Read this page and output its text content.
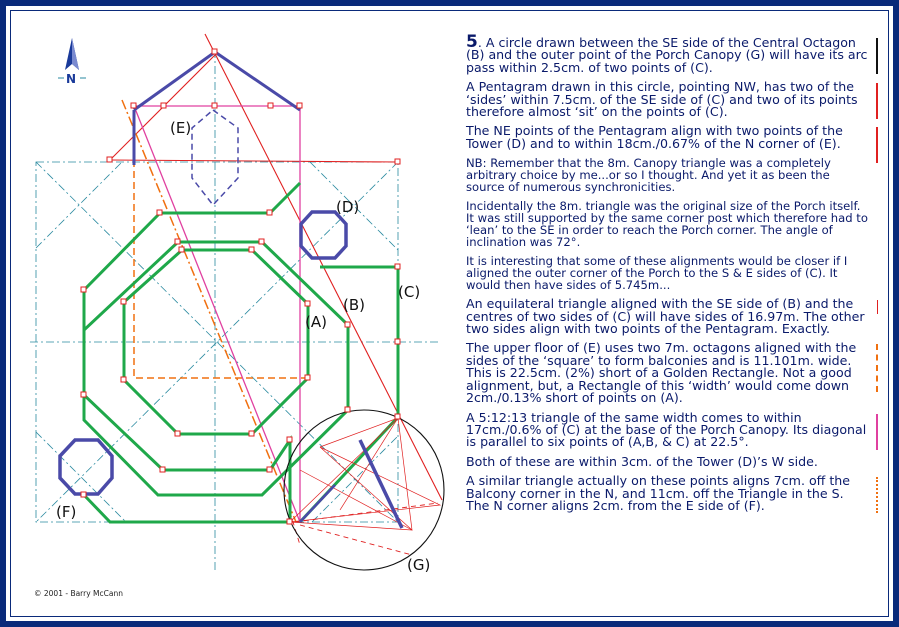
N
(A)
(B)
(C)
(D)
(E)
(F)
(G)

5. A circle drawn between the SE side of the Central Octagon (B) and the outer point of the Porch Canopy (G) will have its arc pass within 2.5cm. of two points of (C).

A Pentagram drawn in this circle, pointing NW, has two of the ‘sides’ within 7.5cm. of the SE side of (C) and two of its points therefore almost ‘sit’ on the points of (C).

The NE points of the Pentagram align with two points of the Tower (D) and to within 18cm./0.67% of the N corner of (E).

NB: Remember that the 8m. Canopy triangle was a completely arbitrary choice by me...or so I thought. And yet it as been the source of numerous synchronicities.

Incidentally the 8m. triangle was the original size of the Porch itself. It was still supported by the same corner post which therefore had to ‘lean’ to the SE in order to reach the Porch corner. The angle of inclination was 72°.

It is interesting that some of these alignments would be closer if I aligned the outer corner of the Porch to the S & E sides of (C). It would then have sides of 5.745m...

An equilateral triangle aligned with the SE side of (B) and the centres of two sides of (C) will have sides of 16.97m. The other two sides align with two points of the Pentagram. Exactly.

The upper floor of (E) uses two 7m. octagons aligned with the sides of the ‘square’ to form balconies and is 11.101m. wide. This is 22.5cm. (2%) short of a Golden Rectangle. Not a good alignment, but, a Rectangle of this ‘width’ would come down 2cm./0.13% short of points on (A).

A 5:12:13 triangle of the same width comes to within 17cm./0.6% of (C) at the base of the Porch Canopy. Its diagonal is parallel to six points of (A,B, & C) at 22.5°.

Both of these are within 3cm. of the Tower (D)’s W side.

A similar triangle actually on these points aligns 7cm. off the Balcony corner in the N, and 11cm. off the Triangle in the S. The N corner aligns 2cm. from the E side of (F).

© 2001 - Barry McCann
